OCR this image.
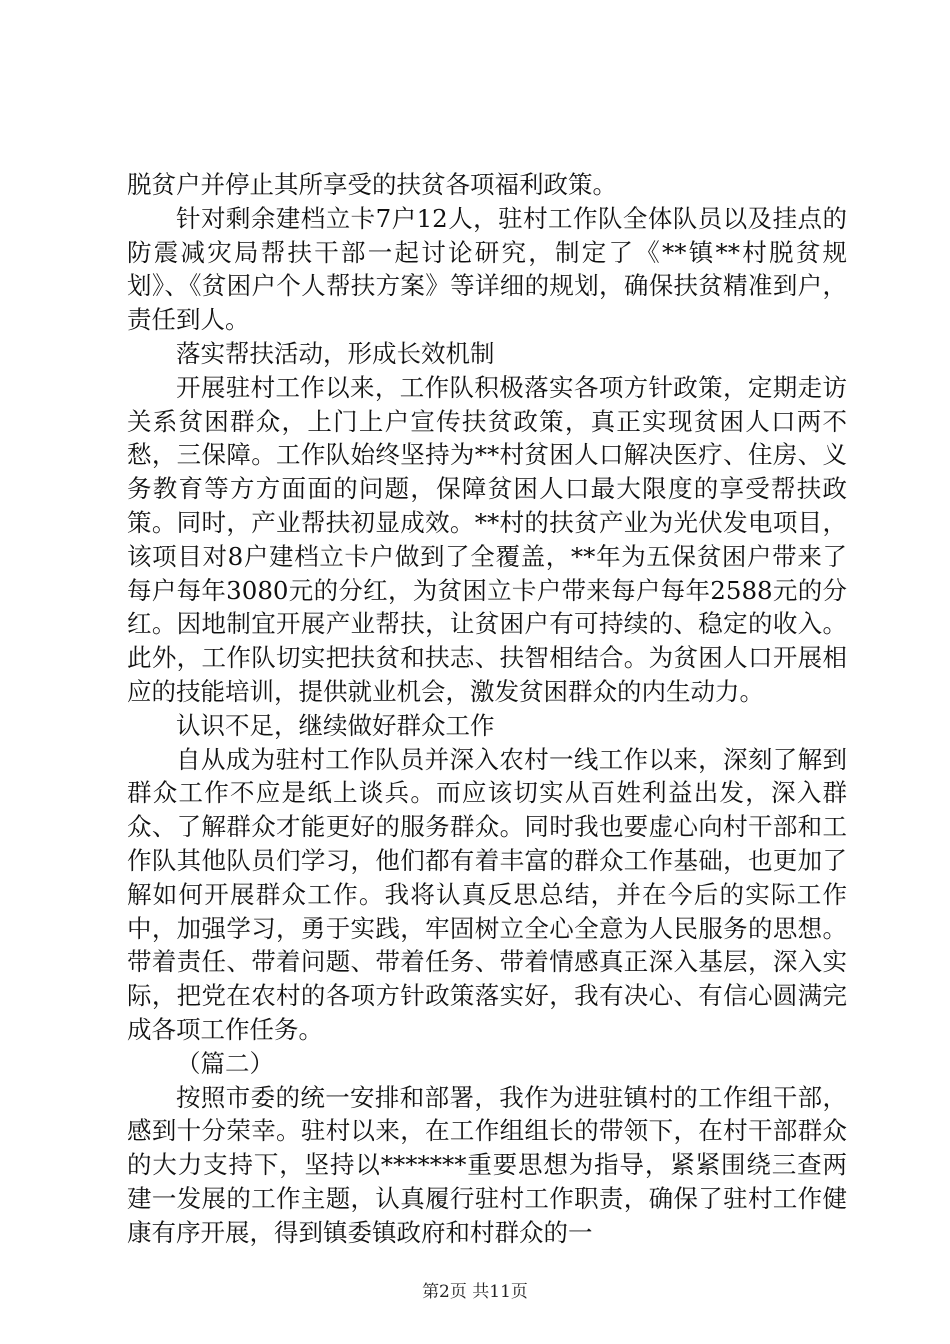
脱贫户并停止其所享受的扶贫各项福利政策。

针对剩余建档立卡7户12人，驻村工作队全体队员以及挂点的防震减灾局帮扶干部一起讨论研究，制定了《**镇**村脱贫规划》、《贫困户个人帮扶方案》等详细的规划，确保扶贫精准到户，责任到人。

落实帮扶活动，形成长效机制

开展驻村工作以来，工作队积极落实各项方针政策，定期走访关系贫困群众，上门上户宣传扶贫政策，真正实现贫困人口两不愁，三保障。工作队始终坚持为**村贫困人口解决医疗、住房、义务教育等方方面面的问题，保障贫困人口最大限度的享受帮扶政策。同时，产业帮扶初显成效。**村的扶贫产业为光伏发电项目，该项目对8户建档立卡户做到了全覆盖，**年为五保贫困户带来了每户每年3080元的分红，为贫困立卡户带来每户每年2588元的分红。因地制宜开展产业帮扶，让贫困户有可持续的、稳定的收入。此外，工作队切实把扶贫和扶志、扶智相结合。为贫困人口开展相应的技能培训，提供就业机会，激发贫困群众的内生动力。

认识不足，继续做好群众工作

自从成为驻村工作队员并深入农村一线工作以来，深刻了解到群众工作不应是纸上谈兵。而应该切实从百姓利益出发，深入群众、了解群众才能更好的服务群众。同时我也要虚心向村干部和工作队其他队员们学习，他们都有着丰富的群众工作基础，也更加了解如何开展群众工作。我将认真反思总结，并在今后的实际工作中，加强学习，勇于实践，牢固树立全心全意为人民服务的思想。带着责任、带着问题、带着任务、带着情感真正深入基层，深入实际，把党在农村的各项方针政策落实好，我有决心、有信心圆满完成各项工作任务。

（篇二）

按照市委的统一安排和部署，我作为进驻镇村的工作组干部，感到十分荣幸。驻村以来，在工作组组长的带领下，在村干部群众的大力支持下，坚持以*******重要思想为指导，紧紧围绕三查两建一发展的工作主题，认真履行驻村工作职责，确保了驻村工作健康有序开展，得到镇委镇政府和村群众的一

第2页 共11页
